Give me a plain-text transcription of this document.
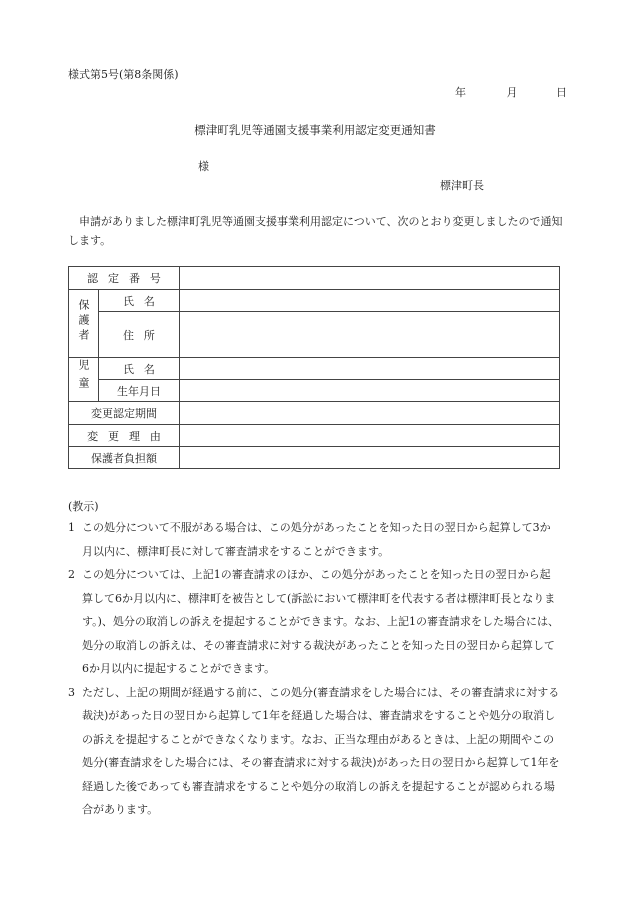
様式第5号(第8条関係)
年	月	日
標津町乳児等通園支援事業利用認定変更通知書
様
標津町長
申請がありました標津町乳児等通園支援事業利用認定について、次のとおり変更しましたので通知します。
認定番号		
保護者	氏名	
	住所	
児童	氏名	
	生年月日	
変更認定期間		
変更理由		
保護者負担額		
(教示)
1 この処分について不服がある場合は、この処分があったことを知った日の翌日から起算して3か月以内に、標津町長に対して審査請求をすることができます。
2 この処分については、上記1の審査請求のほか、この処分があったことを知った日の翌日から起算して6か月以内に、標津町を被告として(訴訟において標津町を代表する者は標津町長となります。)、処分の取消しの訴えを提起することができます。なお、上記1の審査請求をした場合には、処分の取消しの訴えは、その審査請求に対する裁決があったことを知った日の翌日から起算して6か月以内に提起することができます。
3 ただし、上記の期間が経過する前に、この処分(審査請求をした場合には、その審査請求に対する裁決)があった日の翌日から起算して1年を経過した場合は、審査請求をすることや処分の取消しの訴えを提起することができなくなります。なお、正当な理由があるときは、上記の期間やこの処分(審査請求をした場合には、その審査請求に対する裁決)があった日の翌日から起算して1年を経過した後であっても審査請求をすることや処分の取消しの訴えを提起することが認められる場合があります。
